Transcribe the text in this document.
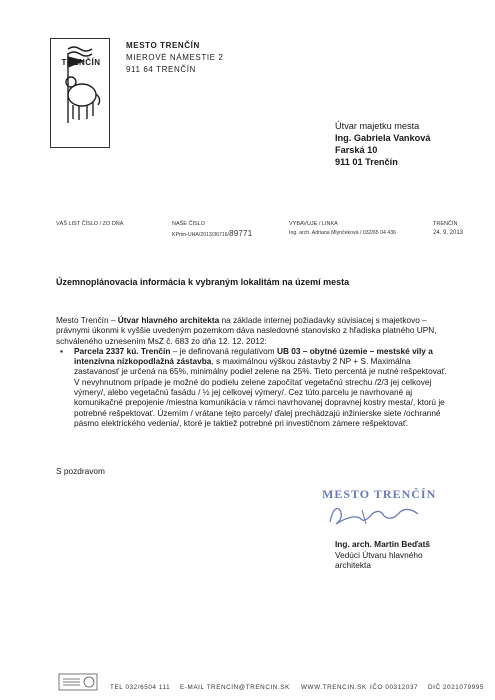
MESTO TRENČÍN
MIEROVÉ NÁMESTIE 2
911 64 TRENČÍN
TRENČÍN
Útvar majetku mesta
Ing. Gabriela Vanková
Farská 10
911 01 Trenčín
VÁŠ LIST ČÍSLO / ZO DŇA	NAŠE ČÍSLO
KPrim-UHA/2013/36716/89771
VYBAVUJE / LINKA
Ing. arch. Adriana Mlynčeková / 032/65 04 436
TRENČÍN
24. 9. 2013
Územnoplánovacia informácia k vybraným lokalitám na území mesta

Mesto Trenčín – Útvar hlavného architekta na základe internej požiadavky súvisiacej s majetkovo – právnymi úkonmi k vyššie uvedeným pozemkom dáva nasledovné stanovisko z hľadiska platného UPN, schváleného uznesením MsZ č. 683 zo dňa 12. 12. 2012:

▪ Parcela 2337 kú. Trenčín – je definovaná regulatívom UB 03 – obytné územie – mestské vily a intenzívna nízkopodlažná zástavba, s maximálnou výškou zástavby 2 NP + S. Maximálna zastavanosť je určená na 65%, minimálny podiel zelene na 25%. Tieto percentá je nutné rešpektovať. V nevyhnutnom prípade je možné do podielu zelene započítať vegetačnú strechu /2/3 jej celkovej výmery/, alebo vegetačnú fasádu / ½ jej celkovej výmery/. Cez túto parcelu je navrhované aj komunikačné prepojenie /miestna komunikácia v rámci navrhovanej dopravnej kostry mesta/, ktorú je potrebné rešpektovať. Územím / vrátane tejto parcely/ ďalej prechádzajú inžinierske siete /ochranné pásmo elektrického vedenia/, ktoré je taktiež potrebné pri investičnom zámere rešpektovať.
S pozdravom
MESTO TRENČÍN
Ing. arch. Martin Beďatš
Vedúci Útvaru hlavného
architekta
TEL 032/6504 111 E-MAIL TRENCIN@TRENCIN.SK WWW.TRENCIN.SK IČO 00312037 DIČ 2021079995
